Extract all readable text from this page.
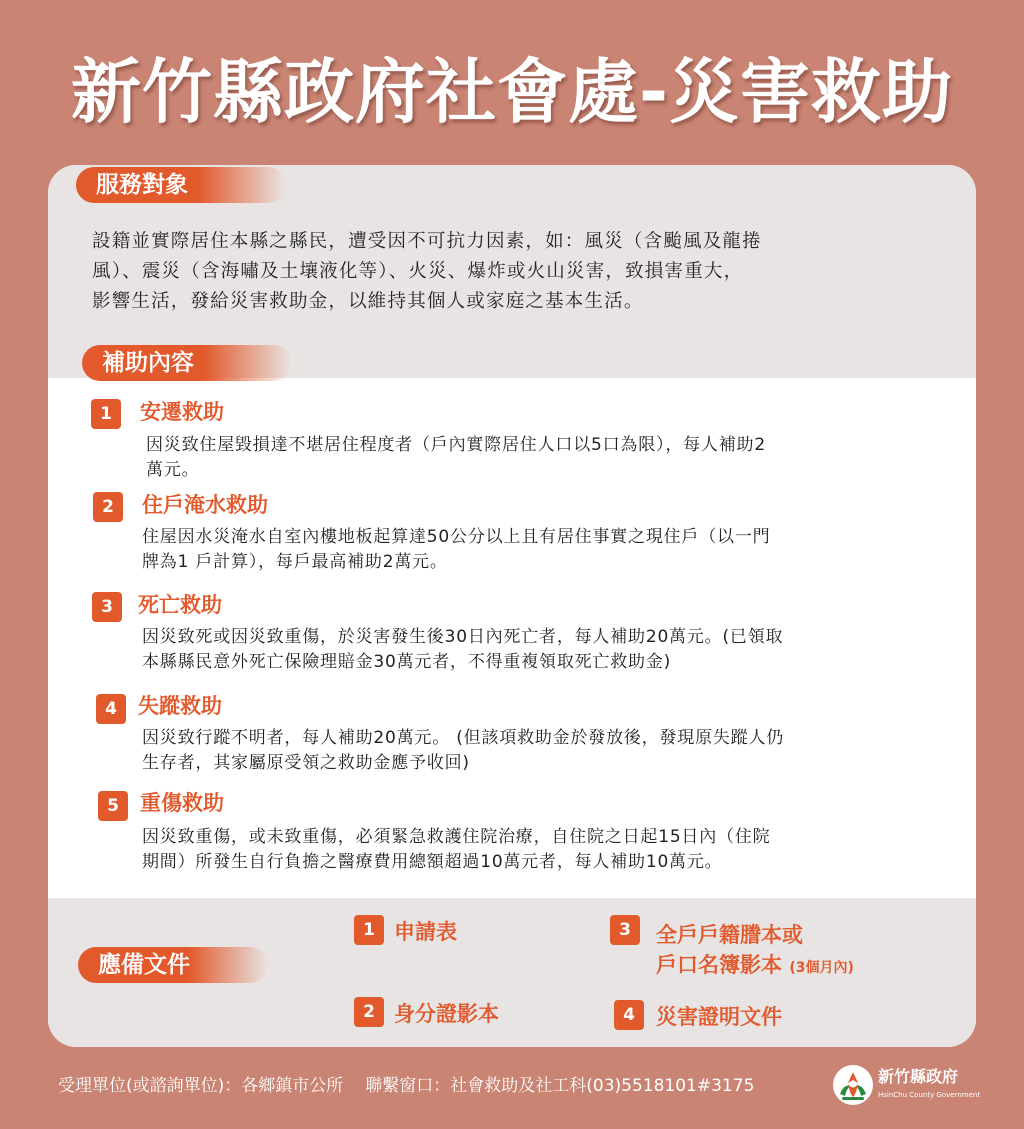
新竹縣政府社會處-災害救助
服務對象
設籍並實際居住本縣之縣民，遭受因不可抗力因素，如：風災（含颱風及龍捲
風）、震災（含海嘯及土壤液化等）、火災、爆炸或火山災害，致損害重大，
影響生活，發給災害救助金，以維持其個人或家庭之基本生活。
補助內容
1	安遷救助
因災致住屋毀損達不堪居住程度者（戶內實際居住人口以5口為限），每人補助2
萬元。
2	住戶淹水救助
住屋因水災淹水自室內樓地板起算達50公分以上且有居住事實之現住戶（以一門
牌為1 戶計算），每戶最高補助2萬元。
3	死亡救助
因災致死或因災致重傷，於災害發生後30日內死亡者，每人補助20萬元。(已領取
本縣縣民意外死亡保險理賠金30萬元者，不得重複領取死亡救助金)
4	失蹤救助
因災致行蹤不明者，每人補助20萬元。 (但該項救助金於發放後，發現原失蹤人仍
生存者，其家屬原受領之救助金應予收回)
5	重傷救助
因災致重傷，或未致重傷，必須緊急救護住院治療，自住院之日起15日內（住院
期間）所發生自行負擔之醫療費用總額超過10萬元者，每人補助10萬元。
應備文件
1 申請表
2 身分證影本
3	全戶戶籍謄本或
戶口名簿影本 (3個月內)
4	災害證明文件
受理單位(或諮詢單位)：各鄉鎮市公所 聯繫窗口：社會救助及社工科(03)5518101#3175	新竹縣政府
HsinChu County Government
